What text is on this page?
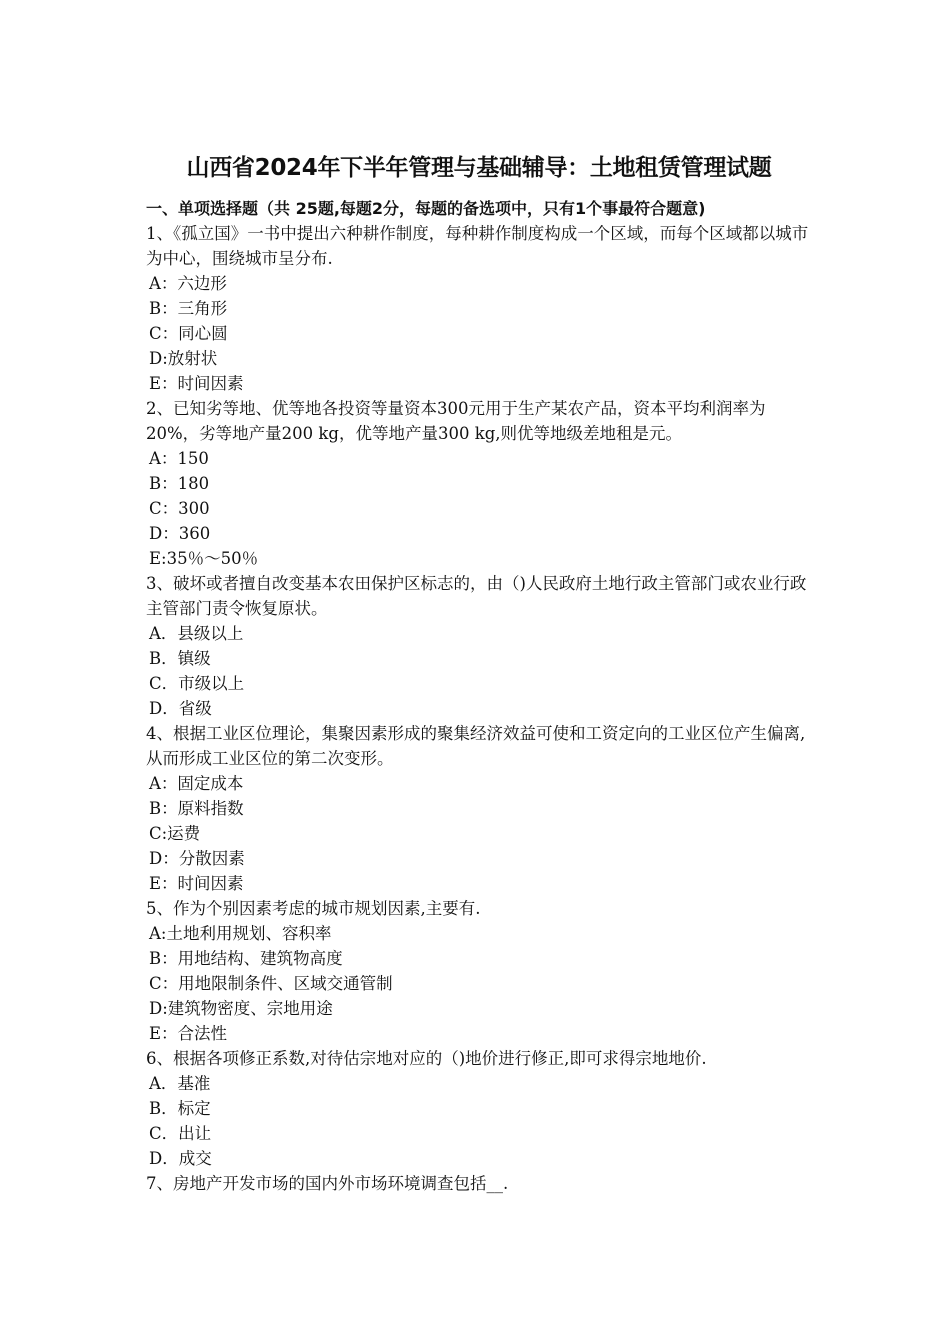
山西省2024年下半年管理与基础辅导：土地租赁管理试题

一、单项选择题（共 25题,每题2分，每题的备选项中，只有1个事最符合题意)

1、《孤立国》一书中提出六种耕作制度，每种耕作制度构成一个区域，而每个区域都以城市为中心，围绕城市呈分布.

A：六边形

B：三角形

C：同心圆

D:放射状

E：时间因素

2、已知劣等地、优等地各投资等量资本300元用于生产某农产品，资本平均利润率为20%，劣等地产量200 kg，优等地产量300 kg,则优等地级差地租是元。

A：150

B：180

C：300

D：360

E:35％～50％

3、破坏或者擅自改变基本农田保护区标志的，由（)人民政府土地行政主管部门或农业行政主管部门责令恢复原状。

A．县级以上

B．镇级

C．市级以上

D．省级

4、根据工业区位理论，集聚因素形成的聚集经济效益可使和工资定向的工业区位产生偏离,从而形成工业区位的第二次变形。

A：固定成本

B：原料指数

C:运费

D：分散因素

E：时间因素

5、作为个别因素考虑的城市规划因素,主要有.

A:土地利用规划、容积率

B：用地结构、建筑物高度

C：用地限制条件、区域交通管制

D:建筑物密度、宗地用途

E：合法性

6、根据各项修正系数,对待估宗地对应的（)地价进行修正,即可求得宗地地价.

A．基准

B．标定

C．出让

D．成交

7、房地产开发市场的国内外市场环境调查包括__.
